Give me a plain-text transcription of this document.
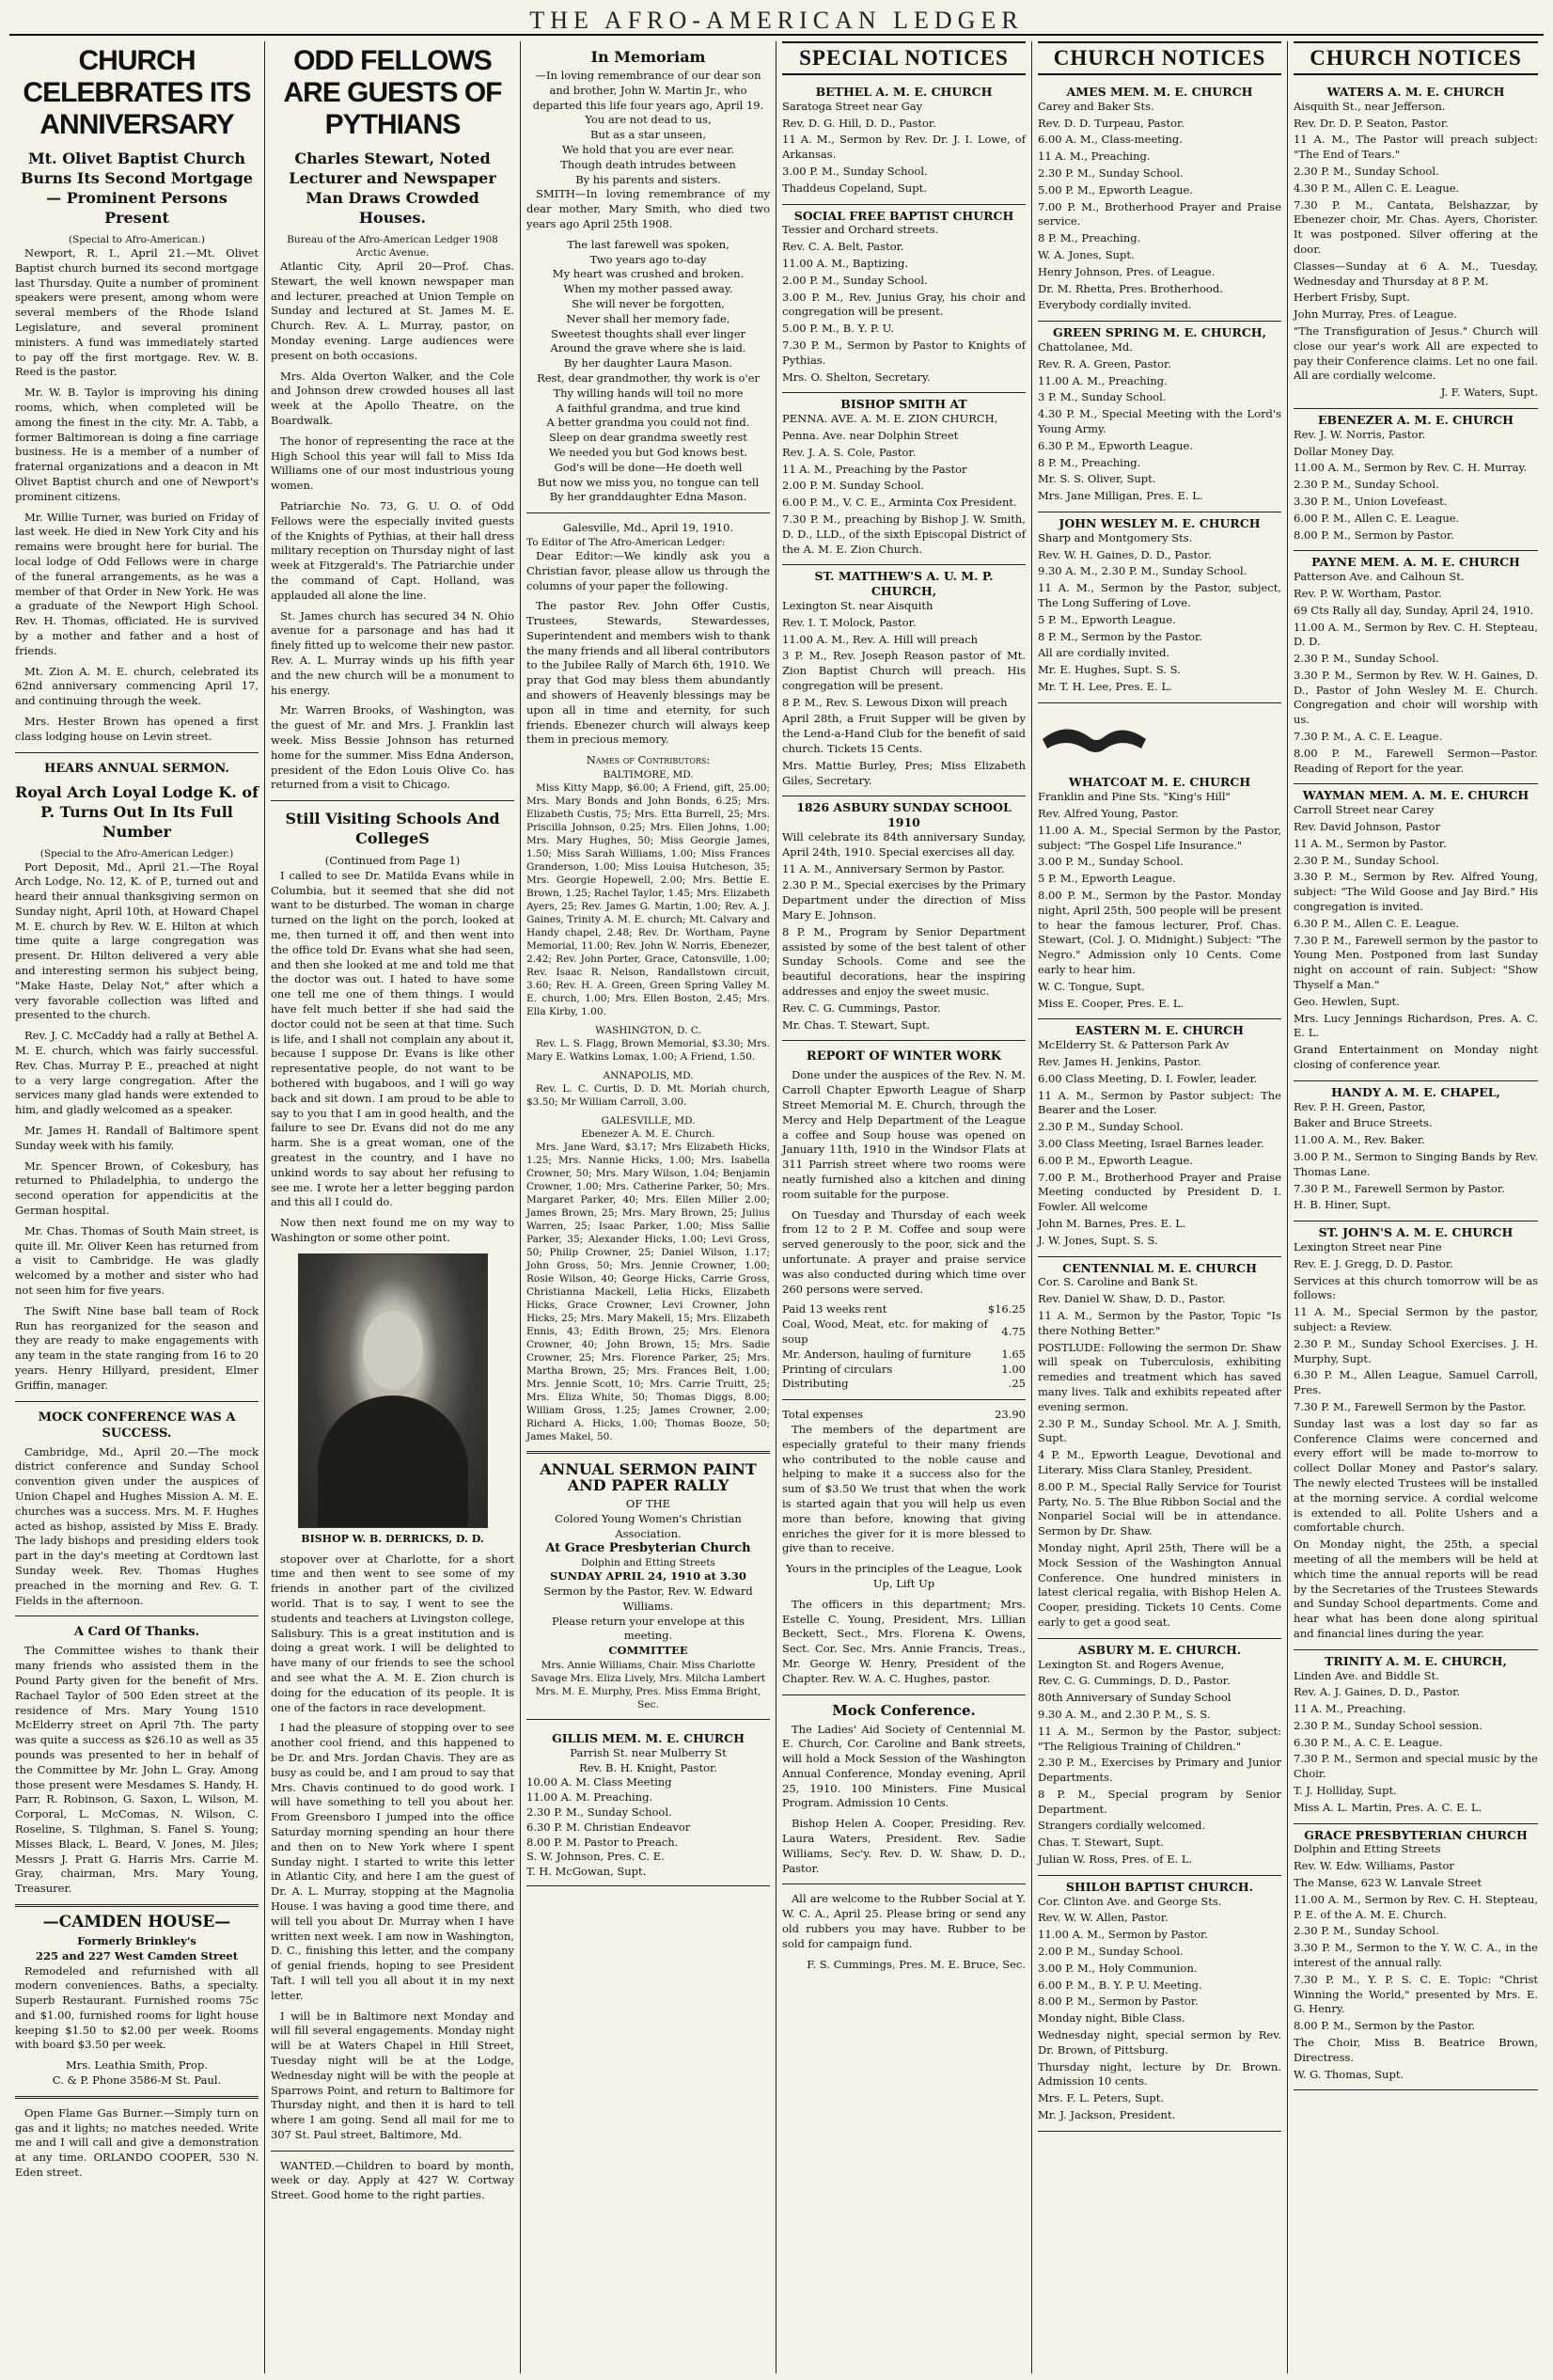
THE AFRO-AMERICAN LEDGER
CHURCH CELEBRATES ITS ANNIVERSARY
Mt. Olivet Baptist Church Burns Its Second Mortgage — Prominent Persons Present
(Special to Afro-American.)

Newport, R. I., April 21.—Mt. Olivet Baptist church burned its second mortgage last Thursday. Quite a number of prominent speakers were present, among whom were several members of the Rhode Island Legislature, and several prominent ministers. A fund was immediately started to pay off the first mortgage. Rev. W. B. Reed is the pastor.

Mr. W. B. Taylor is improving his dining rooms, which, when completed will be among the finest in the city. Mr. A. Tabb, a former Baltimorean is doing a fine carriage business. He is a member of a number of fraternal organizations and a deacon in Mt Olivet Baptist church and one of Newport's prominent citizens.

Mr. Willie Turner, was buried on Friday of last week. He died in New York City and his remains were brought here for burial. The local lodge of Odd Fellows were in charge of the funeral arrangements, as he was a member of that Order in New York. He was a graduate of the Newport High School. Rev. H. Thomas, officiated. He is survived by a mother and father and a host of friends.

Mt. Zion A. M. E. church, celebrated its 62nd anniversary commencing April 17, and continuing through the week.

Mrs. Hester Brown has opened a first class lodging house on Levin street.

HEARS ANNUAL SERMON.
Royal Arch Loyal Lodge K. of P. Turns Out In Its Full Number
(Special to the Afro-American Ledger.)

Port Deposit, Md., April 21.—The Royal Arch Lodge, No. 12, K. of P., turned out and heard their annual thanksgiving sermon on Sunday night, April 10th, at Howard Chapel M. E. church by Rev. W. E. Hilton at which time quite a large congregation was present. Dr. Hilton delivered a very able and interesting sermon his subject being, "Make Haste, Delay Not," after which a very favorable collection was lifted and presented to the church.

Rev. J. C. McCaddy had a rally at Bethel A. M. E. church, which was fairly successful. Rev. Chas. Murray P. E., preached at night to a very large congregation. After the services many glad hands were extended to him, and gladly welcomed as a speaker.

Mr. James H. Randall of Baltimore spent Sunday week with his family.

Mr. Spencer Brown, of Cokesbury, has returned to Philadelphia, to undergo the second operation for appendicitis at the German hospital.

Mr. Chas. Thomas of South Main street, is quite ill. Mr. Oliver Keen has returned from a visit to Cambridge. He was gladly welcomed by a mother and sister who had not seen him for five years.

The Swift Nine base ball team of Rock Run has reorganized for the season and they are ready to make engagements with any team in the state ranging from 16 to 20 years. Henry Hillyard, president, Elmer Griffin, manager.

MOCK CONFERENCE WAS A SUCCESS.

Cambridge, Md., April 20.—The mock district conference and Sunday School convention given under the auspices of Union Chapel and Hughes Mission A. M. E. churches was a success. Mrs. M. F. Hughes acted as bishop, assisted by Miss E. Brady. The lady bishops and presiding elders took part in the day's meeting at Cordtown last Sunday week. Rev. Thomas Hughes preached in the morning and Rev. G. T. Fields in the afternoon.

A Card Of Thanks.

The Committee wishes to thank their many friends who assisted them in the Pound Party given for the benefit of Mrs. Rachael Taylor of 500 Eden street at the residence of Mrs. Mary Young 1510 McElderry street on April 7th. The party was quite a success as $26.10 as well as 35 pounds was presented to her in behalf of the Committee by Mr. John L. Gray. Among those present were Mesdames S. Handy, H. Parr, R. Robinson, G. Saxon, L. Wilson, M. Corporal, L. McComas, N. Wilson, C. Roseline, S. Tilghman, S. Fanel S. Young; Misses Black, L. Beard, V. Jones, M. Jiles; Messrs J. Pratt G. Harris Mrs. Carrie M. Gray, chairman, Mrs. Mary Young, Treasurer.

—CAMDEN HOUSE—
Formerly Brinkley's
225 and 227 West Camden Street

Remodeled and refurnished with all modern conveniences. Baths, a specialty. Superb Restaurant. Furnished rooms 75c and $1.00, furnished rooms for light house keeping $1.50 to $2.00 per week. Rooms with board $3.50 per week.

Mrs. Leathia Smith, Prop.
C. & P. Phone 3586-M St. Paul.

Open Flame Gas Burner.—Simply turn on gas and it lights; no matches needed. Write me and I will call and give a demonstration at any time. ORLANDO COOPER, 530 N. Eden street.

ODD FELLOWS ARE GUESTS OF PYTHIANS
Charles Stewart, Noted Lecturer and Newspaper Man Draws Crowded Houses.
Bureau of the Afro-American Ledger 1908 Arctic Avenue.

Atlantic City, April 20—Prof. Chas. Stewart, the well known newspaper man and lecturer, preached at Union Temple on Sunday and lectured at St. James M. E. Church. Rev. A. L. Murray, pastor, on Monday evening. Large audiences were present on both occasions.

Mrs. Alda Overton Walker, and the Cole and Johnson drew crowded houses all last week at the Apollo Theatre, on the Boardwalk.

The honor of representing the race at the High School this year will fall to Miss Ida Williams one of our most industrious young women.

Patriarchie No. 73, G. U. O. of Odd Fellows were the especially invited guests of the Knights of Pythias, at their hall dress military reception on Thursday night of last week at Fitzgerald's. The Patriarchie under the command of Capt. Holland, was applauded all alone the line.

St. James church has secured 34 N. Ohio avenue for a parsonage and has had it finely fitted up to welcome their new pastor. Rev. A. L. Murray winds up his fifth year and the new church will be a monument to his energy.

Mr. Warren Brooks, of Washington, was the guest of Mr. and Mrs. J. Franklin last week. Miss Bessie Johnson has returned home for the summer. Miss Edna Anderson, president of the Edon Louis Olive Co. has returned from a visit to Chicago.

Still Visiting Schools And CollegeS
(Continued from Page 1)

I called to see Dr. Matilda Evans while in Columbia, but it seemed that she did not want to be disturbed. The woman in charge turned on the light on the porch, looked at me, then turned it off, and then went into the office told Dr. Evans what she had seen, and then she looked at me and told me that the doctor was out. I hated to have some one tell me one of them things. I would have felt much better if she had said the doctor could not be seen at that time. Such is life, and I shall not complain any about it, because I suppose Dr. Evans is like other representative people, do not want to be bothered with bugaboos, and I will go way back and sit down. I am proud to be able to say to you that I am in good health, and the failure to see Dr. Evans did not do me any harm. She is a great woman, one of the greatest in the country, and I have no unkind words to say about her refusing to see me. I wrote her a letter begging pardon and this all I could do.

Now then next found me on my way to Washington or some other point.

BISHOP W. B. DERRICKS, D. D.

stopover over at Charlotte, for a short time and then went to see some of my friends in another part of the civilized world. That is to say, I went to see the students and teachers at Livingston college, Salisbury. This is a great institution and is doing a great work. I will be delighted to have many of our friends to see the school and see what the A. M. E. Zion church is doing for the education of its people. It is one of the factors in race development.

I had the pleasure of stopping over to see another cool friend, and this happened to be Dr. and Mrs. Jordan Chavis. They are as busy as could be, and I am proud to say that Mrs. Chavis continued to do good work. I will have something to tell you about her. From Greensboro I jumped into the office Saturday morning spending an hour there and then on to New York where I spent Sunday night. I started to write this letter in Atlantic City, and here I am the guest of Dr. A. L. Murray, stopping at the Magnolia House. I was having a good time there, and will tell you about Dr. Murray when I have written next week. I am now in Washington, D. C., finishing this letter, and the company of genial friends, hoping to see President Taft. I will tell you all about it in my next letter.

I will be in Baltimore next Monday and will fill several engagements. Monday night will be at Waters Chapel in Hill Street, Tuesday night will be at the Lodge, Wednesday night will be with the people at Sparrows Point, and return to Baltimore for Thursday night, and then it is hard to tell where I am going. Send all mail for me to 307 St. Paul street, Baltimore, Md.

WANTED.—Children to board by month, week or day. Apply at 427 W. Cortway Street. Good home to the right parties.

In Memoriam
—In loving remembrance of our dear son and brother, John W. Martin Jr., who departed this life four years ago, April 19.
You are not dead to us,
But as a star unseen,
We hold that you are ever near.
Though death intrudes between
By his parents and sisters.

SMITH—In loving remembrance of my dear mother, Mary Smith, who died two years ago April 25th 1908.

The last farewell was spoken,
Two years ago to-day
My heart was crushed and broken.
When my mother passed away.
She will never be forgotten,
Never shall her memory fade,
Sweetest thoughts shall ever linger
Around the grave where she is laid.
By her daughter Laura Mason.
Rest, dear grandmother, thy work is o'er
Thy willing hands will toil no more
A faithful grandma, and true kind
A better grandma you could not find.
Sleep on dear grandma sweetly rest
We needed you but God knows best.
God's will be done—He doeth well
But now we miss you, no tongue can tell
By her granddaughter Edna Mason.
Galesville, Md., April 19, 1910.
To Editor of The Afro-American Ledger:

Dear Editor:—We kindly ask you a Christian favor, please allow us through the columns of your paper the following.

The pastor Rev. John Offer Custis, Trustees, Stewards, Stewardesses, Superintendent and members wish to thank the many friends and all liberal contributors to the Jubilee Rally of March 6th, 1910. We pray that God may bless them abundantly and showers of Heavenly blessings may be upon all in time and eternity, for such friends. Ebenezer church will always keep them in precious memory.

Names of Contributors:
BALTIMORE, MD.

Miss Kitty Mapp, $6.00; A Friend, gift, 25.00; Mrs. Mary Bonds and John Bonds, 6.25; Mrs. Elizabeth Custis, 75; Mrs. Etta Burrell, 25; Mrs. Priscilla Johnson, 0.25; Mrs. Ellen Johns, 1.00; Mrs. Mary Hughes, 50; Miss Georgie James, 1.50; Miss Sarah Williams, 1.00; Miss Frances Granderson, 1.00; Miss Louisa Hutcheson, 35; Mrs. Georgie Hopewell, 2.00; Mrs. Bettie E. Brown, 1.25; Rachel Taylor, 1.45; Mrs. Elizabeth Ayers, 25; Rev. James G. Martin, 1.00; Rev. A. J. Gaines, Trinity A. M. E. church; Mt. Calvary and Handy chapel, 2.48; Rev. Dr. Wortham, Payne Memorial, 11.00; Rev. John W. Norris, Ebenezer, 2.42; Rev. John Porter, Grace, Catonsville, 1.00; Rev. Isaac R. Nelson, Randallstown circuit, 3.60; Rev. H. A. Green, Green Spring Valley M. E. church, 1.00; Mrs. Ellen Boston, 2.45; Mrs. Ella Kirby, 1.00.

WASHINGTON, D. C.

Rev. L. S. Flagg, Brown Memorial, $3.30; Mrs. Mary E. Watkins Lomax, 1.00; A Friend, 1.50.

ANNAPOLIS, MD.

Rev. L. C. Curtis, D. D. Mt. Moriah church, $3.50; Mr William Carroll, 3.00.

GALESVILLE, MD.
Ebenezer A. M. E. Church.

Mrs. Jane Ward, $3.17; Mrs Elizabeth Hicks, 1.25; Mrs. Nannie Hicks, 1.00; Mrs. Isabella Crowner, 50; Mrs. Mary Wilson, 1.04; Benjamin Crowner, 1.00; Mrs. Catherine Parker, 50; Mrs. Margaret Parker, 40; Mrs. Ellen Miller 2.00; James Brown, 25; Mrs. Mary Brown, 25; Julius Warren, 25; Isaac Parker, 1.00; Miss Sallie Parker, 35; Alexander Hicks, 1.00; Levi Gross, 50; Philip Crowner, 25; Daniel Wilson, 1.17; John Gross, 50; Mrs. Jennie Crowner, 1.00; Rosie Wilson, 40; George Hicks, Carrie Gross, Christianna Mackell, Lelia Hicks, Elizabeth Hicks, Grace Crowner, Levi Crowner, John Hicks, 25; Mrs. Mary Makell, 15; Mrs. Elizabeth Ennis, 43; Edith Brown, 25; Mrs. Elenora Crowner, 40; John Brown, 15; Mrs. Sadie Crowner, 25; Mrs. Florence Parker, 25; Mrs. Martha Brown, 25; Mrs. Frances Belt, 1.00; Mrs. Jennie Scott, 10; Mrs. Carrie Truitt, 25; Mrs. Eliza White, 50; Thomas Diggs, 8.00; William Gross, 1.25; James Crowner, 2.00; Richard A. Hicks, 1.00; Thomas Booze, 50; James Makel, 50.

ANNUAL SERMON PAINT AND PAPER RALLY
OF THE
Colored Young Women's Christian Association.
At Grace Presbyterian Church
Dolphin and Etting Streets
SUNDAY APRIL 24, 1910 at 3.30
Sermon by the Pastor, Rev. W. Edward Williams.
Please return your envelope at this meeting.
COMMITTEE
Mrs. Annie Williams, Chair. Miss Charlotte Savage Mrs. Eliza Lively, Mrs. Milcha Lambert Mrs. M. E. Murphy, Pres. Miss Emma Bright, Sec.
GILLIS MEM. M. E. CHURCH
Parrish St. near Mulberry St
Rev. B. H. Knight, Pastor.
10.00 A. M. Class Meeting
11.00 A. M. Preaching.
2.30 P. M., Sunday School.
6.30 P. M. Christian Endeavor
8.00 P. M. Pastor to Preach.
S. W. Johnson, Pres. C. E.
T. H. McGowan, Supt.
SPECIAL NOTICES
BETHEL A. M. E. CHURCH

Saratoga Street near Gay

Rev. D. G. Hill, D. D., Pastor.

11 A. M., Sermon by Rev. Dr. J. I. Lowe, of Arkansas.

3.00 P. M., Sunday School.

Thaddeus Copeland, Supt.

SOCIAL FREE BAPTIST CHURCH

Tessier and Orchard streets.

Rev. C. A. Belt, Pastor.

11.00 A. M., Baptizing.

2.00 P. M., Sunday School.

3.00 P. M., Rev. Junius Gray, his choir and congregation will be present.

5.00 P. M., B. Y. P. U.

7.30 P. M., Sermon by Pastor to Knights of Pythias.

Mrs. O. Shelton, Secretary.

BISHOP SMITH AT

PENNA. AVE. A. M. E. ZION CHURCH,

Penna. Ave. near Dolphin Street

Rev. J. A. S. Cole, Pastor.

11 A. M., Preaching by the Pastor

2.00 P. M. Sunday School.

6.00 P. M., V. C. E., Arminta Cox President.

7.30 P. M., preaching by Bishop J. W. Smith, D. D., LLD., of the sixth Episcopal District of the A. M. E. Zion Church.

ST. MATTHEW'S A. U. M. P. CHURCH,

Lexington St. near Aisquith

Rev. I. T. Molock, Pastor.

11.00 A. M., Rev. A. Hill will preach

3 P. M., Rev. Joseph Reason pastor of Mt. Zion Baptist Church will preach. His congregation will be present.

8 P. M., Rev. S. Lewous Dixon will preach

April 28th, a Fruit Supper will be given by the Lend-a-Hand Club for the benefit of said church. Tickets 15 Cents.

Mrs. Mattie Burley, Pres; Miss Elizabeth Giles, Secretary.

1826 ASBURY SUNDAY SCHOOL 1910

Will celebrate its 84th anniversary Sunday, April 24th, 1910. Special exercises all day.

11 A. M., Anniversary Sermon by Pastor.

2.30 P. M., Special exercises by the Primary Department under the direction of Miss Mary E. Johnson.

8 P. M., Program by Senior Department assisted by some of the best talent of other Sunday Schools. Come and see the beautiful decorations, hear the inspiring addresses and enjoy the sweet music.

Rev. C. G. Cummings, Pastor.

Mr. Chas. T. Stewart, Supt.

REPORT OF WINTER WORK

Done under the auspices of the Rev. N. M. Carroll Chapter Epworth League of Sharp Street Memorial M. E. Church, through the Mercy and Help Department of the League a coffee and Soup house was opened on January 11th, 1910 in the Windsor Flats at 311 Parrish street where two rooms were neatly furnished also a kitchen and dining room suitable for the purpose.

On Tuesday and Thursday of each week from 12 to 2 P. M. Coffee and soup were served generously to the poor, sick and the unfortunate. A prayer and praise service was also conducted during which time over 260 persons were served.

Paid 13 weeks rent	$16.25
Coal, Wood, Meat, etc. for making of soup	4.75
Mr. Anderson, hauling of furniture	1.65
Printing of circulars	1.00
Distributing	.25
Total expenses	23.90

The members of the department are especially grateful to their many friends who contributed to the noble cause and helping to make it a success also for the sum of $3.50 We trust that when the work is started again that you will help us even more than before, knowing that giving enriches the giver for it is more blessed to give than to receive.

Yours in the principles of the League, Look Up, Lift Up

The officers in this department; Mrs. Estelle C. Young, President, Mrs. Lillian Beckett, Sect., Mrs. Florena K. Owens, Sect. Cor. Sec. Mrs. Annie Francis, Treas., Mr. George W. Henry, President of the Chapter. Rev. W. A. C. Hughes, pastor.

Mock Conference.

The Ladies' Aid Society of Centennial M. E. Church, Cor. Caroline and Bank streets, will hold a Mock Session of the Washington Annual Conference, Monday evening, April 25, 1910. 100 Ministers. Fine Musical Program. Admission 10 Cents.

Bishop Helen A. Cooper, Presiding. Rev. Laura Waters, President. Rev. Sadie Williams, Sec'y. Rev. D. W. Shaw, D. D., Pastor.

All are welcome to the Rubber Social at Y. W. C. A., April 25. Please bring or send any old rubbers you may have. Rubber to be sold for campaign fund.

F. S. Cummings, Pres. M. E. Bruce, Sec.

CHURCH NOTICES
AMES MEM. M. E. CHURCH

Carey and Baker Sts.

Rev. D. D. Turpeau, Pastor.

6.00 A. M., Class-meeting.

11 A. M., Preaching.

2.30 P. M., Sunday School.

5.00 P. M., Epworth League.

7.00 P. M., Brotherhood Prayer and Praise service.

8 P. M., Preaching.

W. A. Jones, Supt.

Henry Johnson, Pres. of League.

Dr. M. Rhetta, Pres. Brotherhood.

Everybody cordially invited.

GREEN SPRING M. E. CHURCH,

Chattolanee, Md.

Rev. R. A. Green, Pastor.

11.00 A. M., Preaching.

3 P. M., Sunday School.

4.30 P. M., Special Meeting with the Lord's Young Army.

6.30 P. M., Epworth League.

8 P. M., Preaching.

Mr. S. S. Oliver, Supt.

Mrs. Jane Milligan, Pres. E. L.

JOHN WESLEY M. E. CHURCH

Sharp and Montgomery Sts.

Rev. W. H. Gaines, D. D., Pastor.

9.30 A. M., 2.30 P. M., Sunday School.

11 A. M., Sermon by the Pastor, subject, The Long Suffering of Love.

5 P. M., Epworth League.

8 P. M., Sermon by the Pastor.

All are cordially invited.

Mr. E. Hughes, Supt. S. S.

Mr. T. H. Lee, Pres. E. L.

WHATCOAT M. E. CHURCH

Franklin and Pine Sts. "King's Hill"

Rev. Alfred Young, Pastor.

11.00 A. M., Special Sermon by the Pastor, subject: "The Gospel Life Insurance."

3.00 P. M., Sunday School.

5 P. M., Epworth League.

8.00 P. M., Sermon by the Pastor. Monday night, April 25th, 500 people will be present to hear the famous lecturer, Prof. Chas. Stewart, (Col. J. O. Midnight.) Subject: "The Negro." Admission only 10 Cents. Come early to hear him.

W. C. Tongue, Supt.

Miss E. Cooper, Pres. E. L.

EASTERN M. E. CHURCH

McElderry St. & Patterson Park Av

Rev. James H. Jenkins, Pastor.

6.00 Class Meeting, D. I. Fowler, leader.

11 A. M., Sermon by Pastor subject: The Bearer and the Loser.

2.30 P. M., Sunday School.

3.00 Class Meeting, Israel Barnes leader.

6.00 P. M., Epworth League.

7.00 P. M., Brotherhood Prayer and Praise Meeting conducted by President D. I. Fowler. All welcome

John M. Barnes, Pres. E. L.

J. W. Jones, Supt. S. S.

CENTENNIAL M. E. CHURCH

Cor. S. Caroline and Bank St.

Rev. Daniel W. Shaw, D. D., Pastor.

11 A. M., Sermon by the Pastor, Topic "Is there Nothing Better."

POSTLUDE: Following the sermon Dr. Shaw will speak on Tuberculosis, exhibiting remedies and treatment which has saved many lives. Talk and exhibits repeated after evening sermon.

2.30 P. M., Sunday School. Mr. A. J. Smith, Supt.

4 P. M., Epworth League, Devotional and Literary. Miss Clara Stanley, President.

8.00 P. M., Special Rally Service for Tourist Party, No. 5. The Blue Ribbon Social and the Nonpariel Social will be in attendance. Sermon by Dr. Shaw.

Monday night, April 25th, There will be a Mock Session of the Washington Annual Conference. One hundred ministers in latest clerical regalia, with Bishop Helen A. Cooper, presiding. Tickets 10 Cents. Come early to get a good seat.

ASBURY M. E. CHURCH.

Lexington St. and Rogers Avenue,

Rev. C. G. Cummings, D. D., Pastor.

80th Anniversary of Sunday School

9.30 A. M., and 2.30 P. M., S. S.

11 A. M., Sermon by the Pastor, subject: "The Religious Training of Children."

2.30 P. M., Exercises by Primary and Junior Departments.

8 P. M., Special program by Senior Department.

Strangers cordially welcomed.

Chas. T. Stewart, Supt.

Julian W. Ross, Pres. of E. L.

SHILOH BAPTIST CHURCH.

Cor. Clinton Ave. and George Sts.

Rev. W. W. Allen, Pastor.

11.00 A. M., Sermon by Pastor.

2.00 P. M., Sunday School.

3.00 P. M., Holy Communion.

6.00 P. M., B. Y. P. U. Meeting.

8.00 P. M., Sermon by Pastor.

Monday night, Bible Class.

Wednesday night, special sermon by Rev. Dr. Brown, of Pittsburg.

Thursday night, lecture by Dr. Brown. Admission 10 cents.

Mrs. F. L. Peters, Supt.

Mr. J. Jackson, President.

CHURCH NOTICES
WATERS A. M. E. CHURCH

Aisquith St., near Jefferson.

Rev. Dr. D. P. Seaton, Pastor.

11 A. M., The Pastor will preach subject: "The End of Tears."

2.30 P. M., Sunday School.

4.30 P. M., Allen C. E. League.

7.30 P. M., Cantata, Belshazzar, by Ebenezer choir, Mr. Chas. Ayers, Chorister. It was postponed. Silver offering at the door.

Classes—Sunday at 6 A. M., Tuesday, Wednesday and Thursday at 8 P. M.

Herbert Frisby, Supt.

John Murray, Pres. of League.

"The Transfiguration of Jesus." Church will close our year's work All are expected to pay their Conference claims. Let no one fail. All are cordially welcome.

J. F. Waters, Supt.

EBENEZER A. M. E. CHURCH

Rev. J. W. Norris, Pastor.

Dollar Money Day.

11.00 A. M., Sermon by Rev. C. H. Murray.

2.30 P. M., Sunday School.

3.30 P. M., Union Lovefeast.

6.00 P. M., Allen C. E. League.

8.00 P. M., Sermon by Pastor.

PAYNE MEM. A. M. E. CHURCH

Patterson Ave. and Calhoun St.

Rev. P. W. Wortham, Pastor.

69 Cts Rally all day, Sunday, April 24, 1910.

11.00 A. M., Sermon by Rev. C. H. Stepteau, D. D.

2.30 P. M., Sunday School.

3.30 P. M., Sermon by Rev. W. H. Gaines, D. D., Pastor of John Wesley M. E. Church. Congregation and choir will worship with us.

7.30 P. M., A. C. E. League.

8.00 P. M., Farewell Sermon—Pastor. Reading of Report for the year.

WAYMAN MEM. A. M. E. CHURCH

Carroll Street near Carey

Rev. David Johnson, Pastor

11 A. M., Sermon by Pastor.

2.30 P. M., Sunday School.

3.30 P. M., Sermon by Rev. Alfred Young, subject: "The Wild Goose and Jay Bird." His congregation is invited.

6.30 P. M., Allen C. E. League.

7.30 P. M., Farewell sermon by the pastor to Young Men. Postponed from last Sunday night on account of rain. Subject: "Show Thyself a Man."

Geo. Hewlen, Supt.

Mrs. Lucy Jennings Richardson, Pres. A. C. E. L.

Grand Entertainment on Monday night closing of conference year.

HANDY A. M. E. CHAPEL,

Rev. P. H. Green, Pastor,

Baker and Bruce Streets.

11.00 A. M., Rev. Baker.

3.00 P. M., Sermon to Singing Bands by Rev. Thomas Lane.

7.30 P. M., Farewell Sermon by Pastor.

H. B. Hiner, Supt.

ST. JOHN'S A. M. E. CHURCH

Lexington Street near Pine

Rev. E. J. Gregg, D. D. Pastor.

Services at this church tomorrow will be as follows:

11 A. M., Special Sermon by the pastor, subject: a Review.

2.30 P. M., Sunday School Exercises. J. H. Murphy, Supt.

6.30 P. M., Allen League, Samuel Carroll, Pres.

7.30 P. M., Farewell Sermon by the Pastor.

Sunday last was a lost day so far as Conference Claims were concerned and every effort will be made to-morrow to collect Dollar Money and Pastor's salary. The newly elected Trustees will be installed at the morning service. A cordial welcome is extended to all. Polite Ushers and a comfortable church.

On Monday night, the 25th, a special meeting of all the members will be held at which time the annual reports will be read by the Secretaries of the Trustees Stewards and Sunday School departments. Come and hear what has been done along spiritual and financial lines during the year.

TRINITY A. M. E. CHURCH,

Linden Ave. and Biddle St.

Rev. A. J. Gaines, D. D., Pastor.

11 A. M., Preaching.

2.30 P. M., Sunday School session.

6.30 P. M., A. C. E. League.

7.30 P. M., Sermon and special music by the Choir.

T. J. Holliday, Supt.

Miss A. L. Martin, Pres. A. C. E. L.

GRACE PRESBYTERIAN CHURCH

Dolphin and Etting Streets

Rev. W. Edw. Williams, Pastor

The Manse, 623 W. Lanvale Street

11.00 A. M., Sermon by Rev. C. H. Stepteau, P. E. of the A. M. E. Church.

2.30 P. M., Sunday School.

3.30 P. M., Sermon to the Y. W. C. A., in the interest of the annual rally.

7.30 P. M., Y. P. S. C. E. Topic: "Christ Winning the World," presented by Mrs. E. G. Henry.

8.00 P. M., Sermon by the Pastor.

The Choir, Miss B. Beatrice Brown, Directress.

W. G. Thomas, Supt.
